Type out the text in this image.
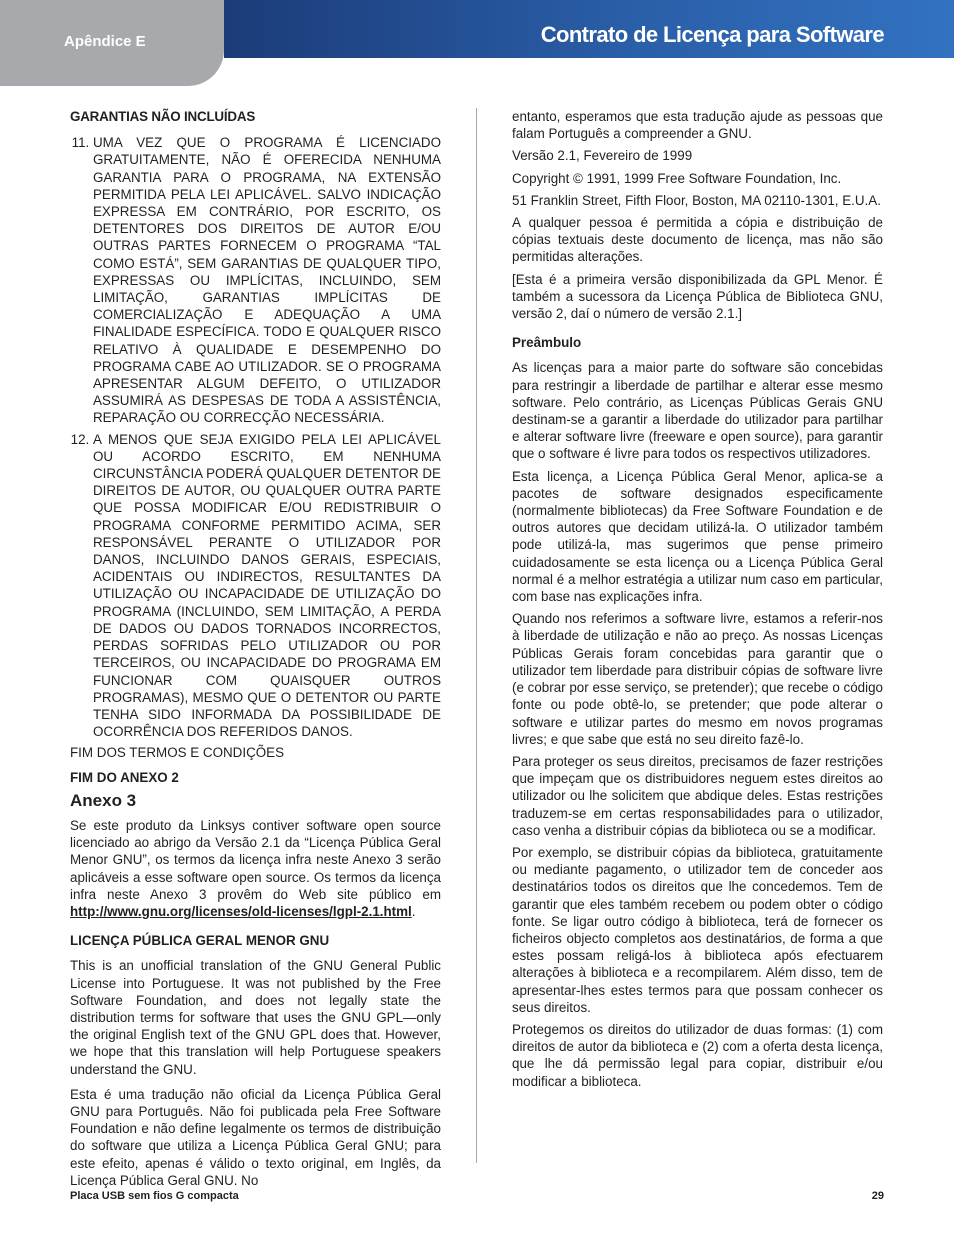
Apêndice E	Contrato de Licença para Software
GARANTIAS NÃO INCLUÍDAS
11. UMA VEZ QUE O PROGRAMA É LICENCIADO GRATUITAMENTE, NÃO É OFERECIDA NENHUMA GARANTIA PARA O PROGRAMA, NA EXTENSÃO PERMITIDA PELA LEI APLICÁVEL. SALVO INDICAÇÃO EXPRESSA EM CONTRÁRIO, POR ESCRITO, OS DETENTORES DOS DIREITOS DE AUTOR E/OU OUTRAS PARTES FORNECEM O PROGRAMA “TAL COMO ESTÁ”, SEM GARANTIAS DE QUALQUER TIPO, EXPRESSAS OU IMPLÍCITAS, INCLUINDO, SEM LIMITAÇÃO, GARANTIAS IMPLÍCITAS DE COMERCIALIZAÇÃO E ADEQUAÇÃO A UMA FINALIDADE ESPECÍFICA. TODO E QUALQUER RISCO RELATIVO À QUALIDADE E DESEMPENHO DO PROGRAMA CABE AO UTILIZADOR. SE O PROGRAMA APRESENTAR ALGUM DEFEITO, O UTILIZADOR ASSUMIRÁ AS DESPESAS DE TODA A ASSISTÊNCIA, REPARAÇÃO OU CORRECÇÃO NECESSÁRIA.
12. A MENOS QUE SEJA EXIGIDO PELA LEI APLICÁVEL OU ACORDO ESCRITO, EM NENHUMA CIRCUNSTÂNCIA PODERÁ QUALQUER DETENTOR DE DIREITOS DE AUTOR, OU QUALQUER OUTRA PARTE QUE POSSA MODIFICAR E/OU REDISTRIBUIR O PROGRAMA CONFORME PERMITIDO ACIMA, SER RESPONSÁVEL PERANTE O UTILIZADOR POR DANOS, INCLUINDO DANOS GERAIS, ESPECIAIS, ACIDENTAIS OU INDIRECTOS, RESULTANTES DA UTILIZAÇÃO OU INCAPACIDADE DE UTILIZAÇÃO DO PROGRAMA (INCLUINDO, SEM LIMITAÇÃO, A PERDA DE DADOS OU DADOS TORNADOS INCORRECTOS, PERDAS SOFRIDAS PELO UTILIZADOR OU POR TERCEIROS, OU INCAPACIDADE DO PROGRAMA EM FUNCIONAR COM QUAISQUER OUTROS PROGRAMAS), MESMO QUE O DETENTOR OU PARTE TENHA SIDO INFORMADA DA POSSIBILIDADE DE OCORRÊNCIA DOS REFERIDOS DANOS.

FIM DOS TERMOS E CONDIÇÕES

FIM DO ANEXO 2

Anexo 3

Se este produto da Linksys contiver software open source licenciado ao abrigo da Versão 2.1 da “Licença Pública Geral Menor GNU”, os termos da licença infra neste Anexo 3 serão aplicáveis a esse software open source. Os termos da licença infra neste Anexo 3 provêm do Web site público em http://www.gnu.org/licenses/old-licenses/lgpl-2.1.html.

LICENÇA PÚBLICA GERAL MENOR GNU

This is an unofficial translation of the GNU General Public License into Portuguese. It was not published by the Free Software Foundation, and does not legally state the distribution terms for software that uses the GNU GPL—only the original English text of the GNU GPL does that. However, we hope that this translation will help Portuguese speakers understand the GNU.

Esta é uma tradução não oficial da Licença Pública Geral GNU para Português. Não foi publicada pela Free Software Foundation e não define legalmente os termos de distribuição do software que utiliza a Licença Pública Geral GNU; para este efeito, apenas é válido o texto original, em Inglês, da Licença Pública Geral GNU. No

entanto, esperamos que esta tradução ajude as pessoas que falam Português a compreender a GNU.

Versão 2.1, Fevereiro de 1999

Copyright © 1991, 1999 Free Software Foundation, Inc.

51 Franklin Street, Fifth Floor, Boston, MA 02110-1301, E.U.A.

A qualquer pessoa é permitida a cópia e distribuição de cópias textuais deste documento de licença, mas não são permitidas alterações.

[Esta é a primeira versão disponibilizada da GPL Menor. É também a sucessora da Licença Pública de Biblioteca GNU, versão 2, daí o número de versão 2.1.]

Preâmbulo

As licenças para a maior parte do software são concebidas para restringir a liberdade de partilhar e alterar esse mesmo software. Pelo contrário, as Licenças Públicas Gerais GNU destinam-se a garantir a liberdade do utilizador para partilhar e alterar software livre (freeware e open source), para garantir que o software é livre para todos os respectivos utilizadores.

Esta licença, a Licença Pública Geral Menor, aplica-se a pacotes de software designados especificamente (normalmente bibliotecas) da Free Software Foundation e de outros autores que decidam utilizá-la. O utilizador também pode utilizá-la, mas sugerimos que pense primeiro cuidadosamente se esta licença ou a Licença Pública Geral normal é a melhor estratégia a utilizar num caso em particular, com base nas explicações infra.

Quando nos referimos a software livre, estamos a referir-nos à liberdade de utilização e não ao preço. As nossas Licenças Públicas Gerais foram concebidas para garantir que o utilizador tem liberdade para distribuir cópias de software livre (e cobrar por esse serviço, se pretender); que recebe o código fonte ou pode obtê-lo, se pretender; que pode alterar o software e utilizar partes do mesmo em novos programas livres; e que sabe que está no seu direito fazê-lo.

Para proteger os seus direitos, precisamos de fazer restrições que impeçam que os distribuidores neguem estes direitos ao utilizador ou lhe solicitem que abdique deles. Estas restrições traduzem-se em certas responsabilidades para o utilizador, caso venha a distribuir cópias da biblioteca ou se a modificar.

Por exemplo, se distribuir cópias da biblioteca, gratuitamente ou mediante pagamento, o utilizador tem de conceder aos destinatários todos os direitos que lhe concedemos. Tem de garantir que eles também recebem ou podem obter o código fonte. Se ligar outro código à biblioteca, terá de fornecer os ficheiros objecto completos aos destinatários, de forma a que estes possam religá-los à biblioteca após efectuarem alterações à biblioteca e a recompilarem. Além disso, tem de apresentar-lhes estes termos para que possam conhecer os seus direitos.

Protegemos os direitos do utilizador de duas formas: (1) com direitos de autor da biblioteca e (2) com a oferta desta licença, que lhe dá permissão legal para copiar, distribuir e/ou modificar a biblioteca.

Placa USB sem fios G compacta	29
